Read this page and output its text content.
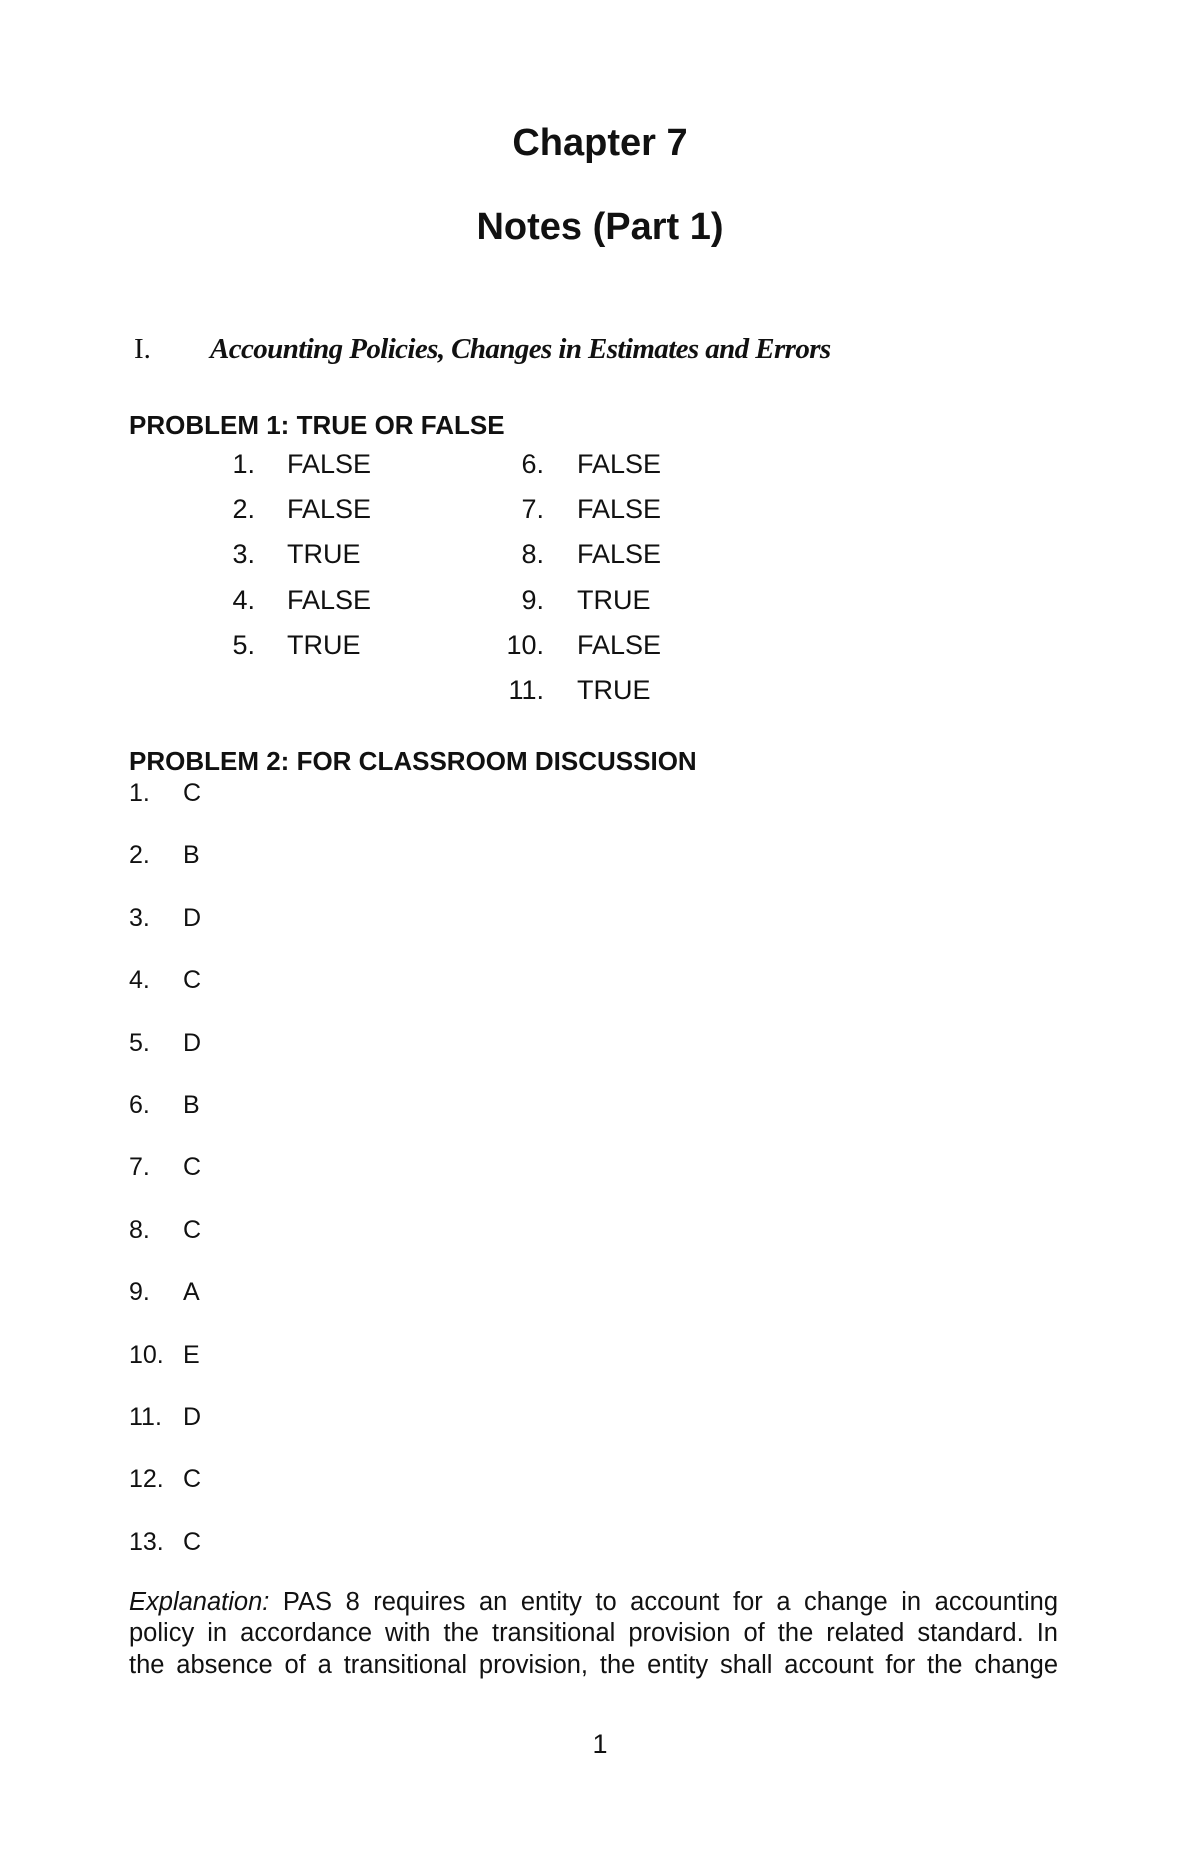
Chapter 7
Notes (Part 1)
I. Accounting Policies, Changes in Estimates and Errors
PROBLEM 1: TRUE OR FALSE
1. FALSE
2. FALSE
3. TRUE
4. FALSE
5. TRUE
6. FALSE
7. FALSE
8. FALSE
9. TRUE
10. FALSE
11. TRUE
PROBLEM 2: FOR CLASSROOM DISCUSSION
1. C
2. B
3. D
4. C
5. D
6. B
7. C
8. C
9. A
10. E
11. D
12. C
13. C
Explanation: PAS 8 requires an entity to account for a change in accounting
policy in accordance with the transitional provision of the related standard. In
the absence of a transitional provision, the entity shall account for the change
1
